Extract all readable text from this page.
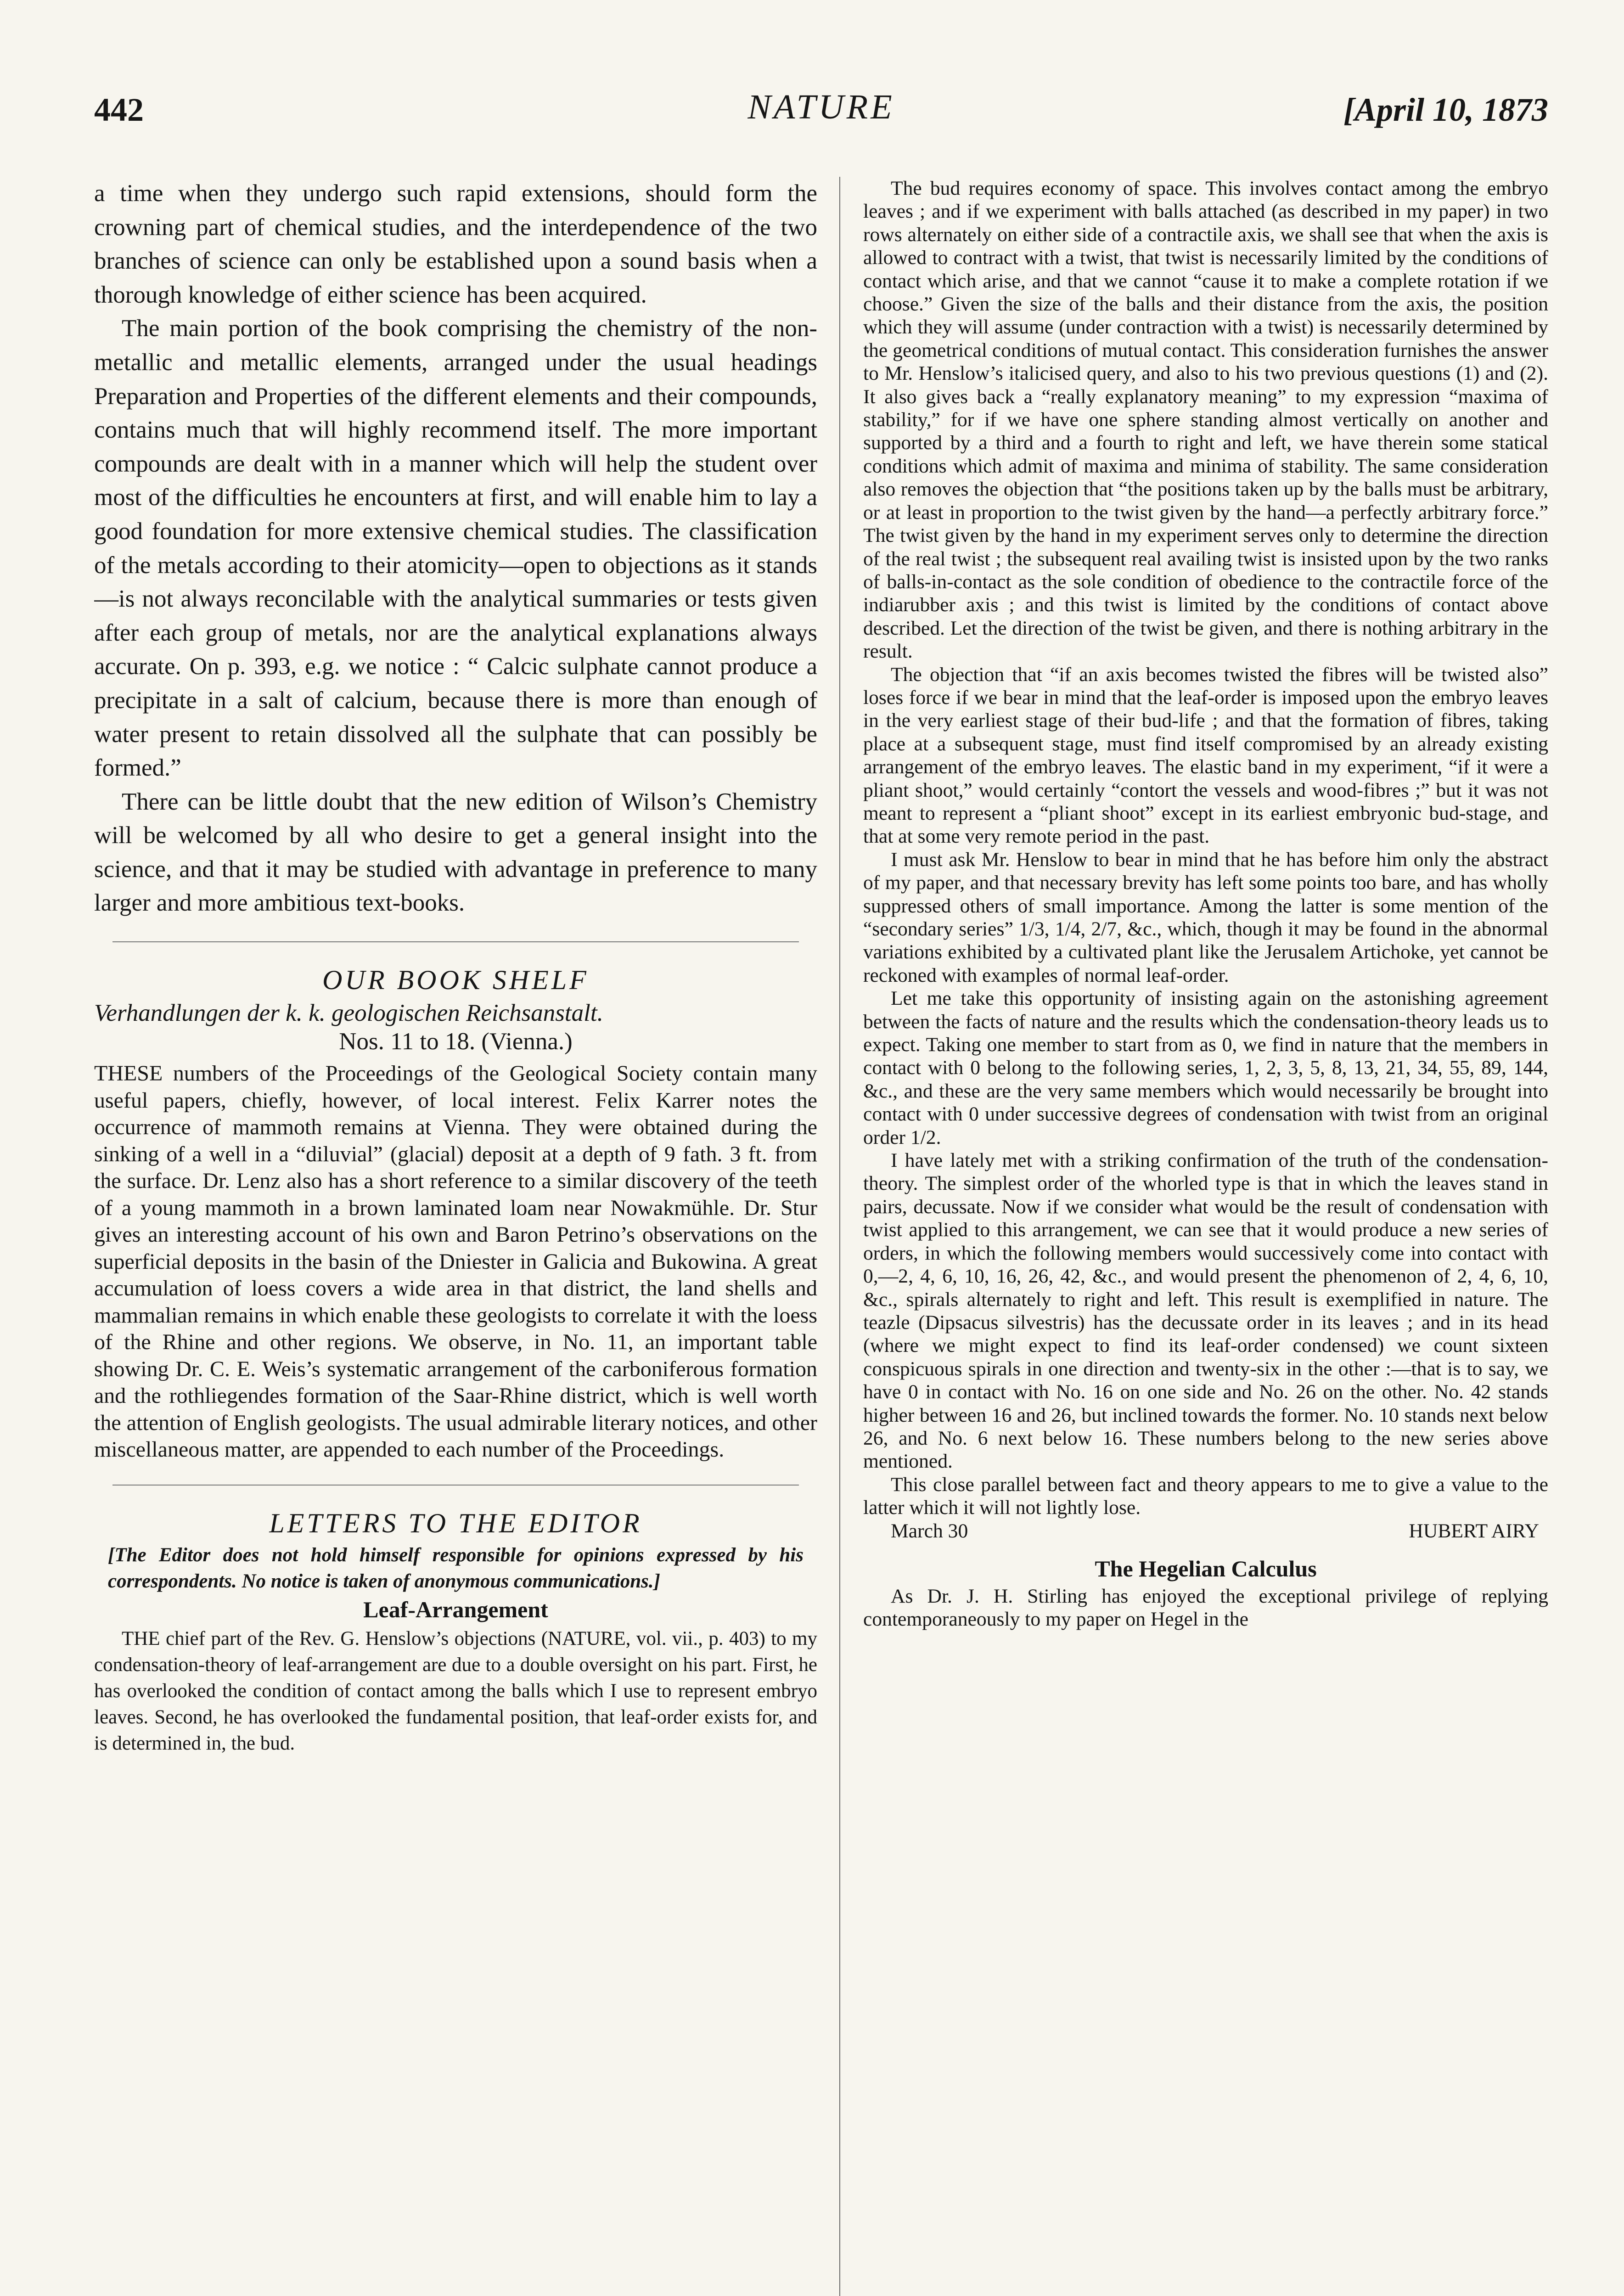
442	NATURE	[April 10, 1873

a time when they undergo such rapid extensions, should form the crowning part of chemical studies, and the interdependence of the two branches of science can only be established upon a sound basis when a thorough knowledge of either science has been acquired.

The main portion of the book comprising the chemistry of the non-metallic and metallic elements, arranged under the usual headings Preparation and Properties of the different elements and their compounds, contains much that will highly recommend itself. The more important compounds are dealt with in a manner which will help the student over most of the difficulties he encounters at first, and will enable him to lay a good foundation for more extensive chemical studies. The classification of the metals according to their atomicity—open to objections as it stands—is not always reconcilable with the analytical summaries or tests given after each group of metals, nor are the analytical explanations always accurate. On p. 393, e.g. we notice : “ Calcic sulphate cannot produce a precipitate in a salt of calcium, because there is more than enough of water present to retain dissolved all the sulphate that can possibly be formed.”

There can be little doubt that the new edition of Wilson’s Chemistry will be welcomed by all who desire to get a general insight into the science, and that it may be studied with advantage in preference to many larger and more ambitious text-books.

OUR BOOK SHELF
Verhandlungen der k. k. geologischen Reichsanstalt.
Nos. 11 to 18. (Vienna.)

THESE numbers of the Proceedings of the Geological Society contain many useful papers, chiefly, however, of local interest. Felix Karrer notes the occurrence of mammoth remains at Vienna. They were obtained during the sinking of a well in a “diluvial” (glacial) deposit at a depth of 9 fath. 3 ft. from the surface. Dr. Lenz also has a short reference to a similar discovery of the teeth of a young mammoth in a brown laminated loam near Nowakmühle. Dr. Stur gives an interesting account of his own and Baron Petrino’s observations on the superficial deposits in the basin of the Dniester in Galicia and Bukowina. A great accumulation of loess covers a wide area in that district, the land shells and mammalian remains in which enable these geologists to correlate it with the loess of the Rhine and other regions. We observe, in No. 11, an important table showing Dr. C. E. Weis’s systematic arrangement of the carboniferous formation and the rothliegendes formation of the Saar-Rhine district, which is well worth the attention of English geologists. The usual admirable literary notices, and other miscellaneous matter, are appended to each number of the Proceedings.

LETTERS TO THE EDITOR

[The Editor does not hold himself responsible for opinions expressed by his correspondents. No notice is taken of anonymous communications.]

Leaf-Arrangement

THE chief part of the Rev. G. Henslow’s objections (NATURE, vol. vii., p. 403) to my condensation-theory of leaf-arrangement are due to a double oversight on his part. First, he has overlooked the condition of contact among the balls which I use to represent embryo leaves. Second, he has overlooked the fundamental position, that leaf-order exists for, and is determined in, the bud.

The bud requires economy of space. This involves contact among the embryo leaves ; and if we experiment with balls attached (as described in my paper) in two rows alternately on either side of a contractile axis, we shall see that when the axis is allowed to contract with a twist, that twist is necessarily limited by the conditions of contact which arise, and that we cannot “cause it to make a complete rotation if we choose.” Given the size of the balls and their distance from the axis, the position which they will assume (under contraction with a twist) is necessarily determined by the geometrical conditions of mutual contact. This consideration furnishes the answer to Mr. Henslow’s italicised query, and also to his two previous questions (1) and (2). It also gives back a “really explanatory meaning” to my expression “maxima of stability,” for if we have one sphere standing almost vertically on another and supported by a third and a fourth to right and left, we have therein some statical conditions which admit of maxima and minima of stability. The same consideration also removes the objection that “the positions taken up by the balls must be arbitrary, or at least in proportion to the twist given by the hand—a perfectly arbitrary force.” The twist given by the hand in my experiment serves only to determine the direction of the real twist ; the subsequent real availing twist is insisted upon by the two ranks of balls-in-contact as the sole condition of obedience to the contractile force of the indiarubber axis ; and this twist is limited by the conditions of contact above described. Let the direction of the twist be given, and there is nothing arbitrary in the result.

The objection that “if an axis becomes twisted the fibres will be twisted also” loses force if we bear in mind that the leaf-order is imposed upon the embryo leaves in the very earliest stage of their bud-life ; and that the formation of fibres, taking place at a subsequent stage, must find itself compromised by an already existing arrangement of the embryo leaves. The elastic band in my experiment, “if it were a pliant shoot,” would certainly “contort the vessels and wood-fibres ;” but it was not meant to represent a “pliant shoot” except in its earliest embryonic bud-stage, and that at some very remote period in the past.

I must ask Mr. Henslow to bear in mind that he has before him only the abstract of my paper, and that necessary brevity has left some points too bare, and has wholly suppressed others of small importance. Among the latter is some mention of the “secondary series” 1/3, 1/4, 2/7, &c., which, though it may be found in the abnormal variations exhibited by a cultivated plant like the Jerusalem Artichoke, yet cannot be reckoned with examples of normal leaf-order.

Let me take this opportunity of insisting again on the astonishing agreement between the facts of nature and the results which the condensation-theory leads us to expect. Taking one member to start from as 0, we find in nature that the members in contact with 0 belong to the following series, 1, 2, 3, 5, 8, 13, 21, 34, 55, 89, 144, &c., and these are the very same members which would necessarily be brought into contact with 0 under successive degrees of condensation with twist from an original order 1/2.

I have lately met with a striking confirmation of the truth of the condensation-theory. The simplest order of the whorled type is that in which the leaves stand in pairs, decussate. Now if we consider what would be the result of condensation with twist applied to this arrangement, we can see that it would produce a new series of orders, in which the following members would successively come into contact with 0,—2, 4, 6, 10, 16, 26, 42, &c., and would present the phenomenon of 2, 4, 6, 10, &c., spirals alternately to right and left. This result is exemplified in nature. The teazle (Dipsacus silvestris) has the decussate order in its leaves ; and in its head (where we might expect to find its leaf-order condensed) we count sixteen conspicuous spirals in one direction and twenty-six in the other :—that is to say, we have 0 in contact with No. 16 on one side and No. 26 on the other. No. 42 stands higher between 16 and 26, but inclined towards the former. No. 10 stands next below 26, and No. 6 next below 16. These numbers belong to the new series above mentioned.

This close parallel between fact and theory appears to me to give a value to the latter which it will not lightly lose.

March 30	HUBERT AIRY
The Hegelian Calculus

As Dr. J. H. Stirling has enjoyed the exceptional privilege of replying contemporaneously to my paper on Hegel in the
